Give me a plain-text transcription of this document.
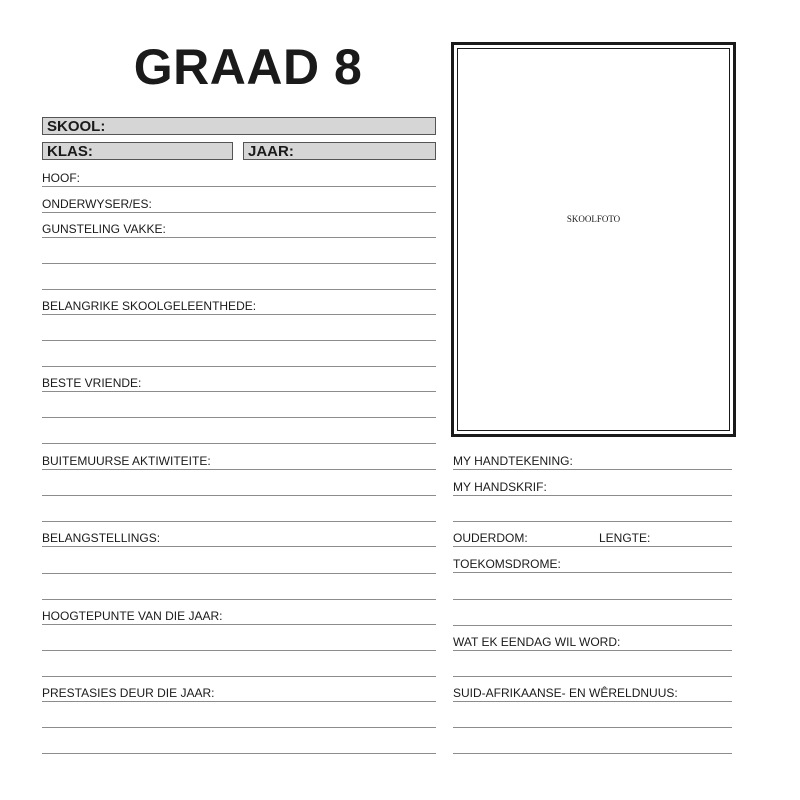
GRAAD 8
SKOOL:
KLAS:	JAAR:
HOOF:
ONDERWYSER/ES:
GUNSTELING VAKKE:
BELANGRIKE SKOOLGELEENTHEDE:
BESTE VRIENDE:
BUITEMUURSE AKTIWITEITE:
BELANGSTELLINGS:
HOOGTEPUNTE VAN DIE JAAR:
PRESTASIES DEUR DIE JAAR:
SKOOLFOTO
MY HANDTEKENING:
MY HANDSKRIF:
OUDERDOM:	LENGTE:
TOEKOMSDROME:
WAT EK EENDAG WIL WORD:
SUID-AFRIKAANSE- EN WÊRELDNUUS:
